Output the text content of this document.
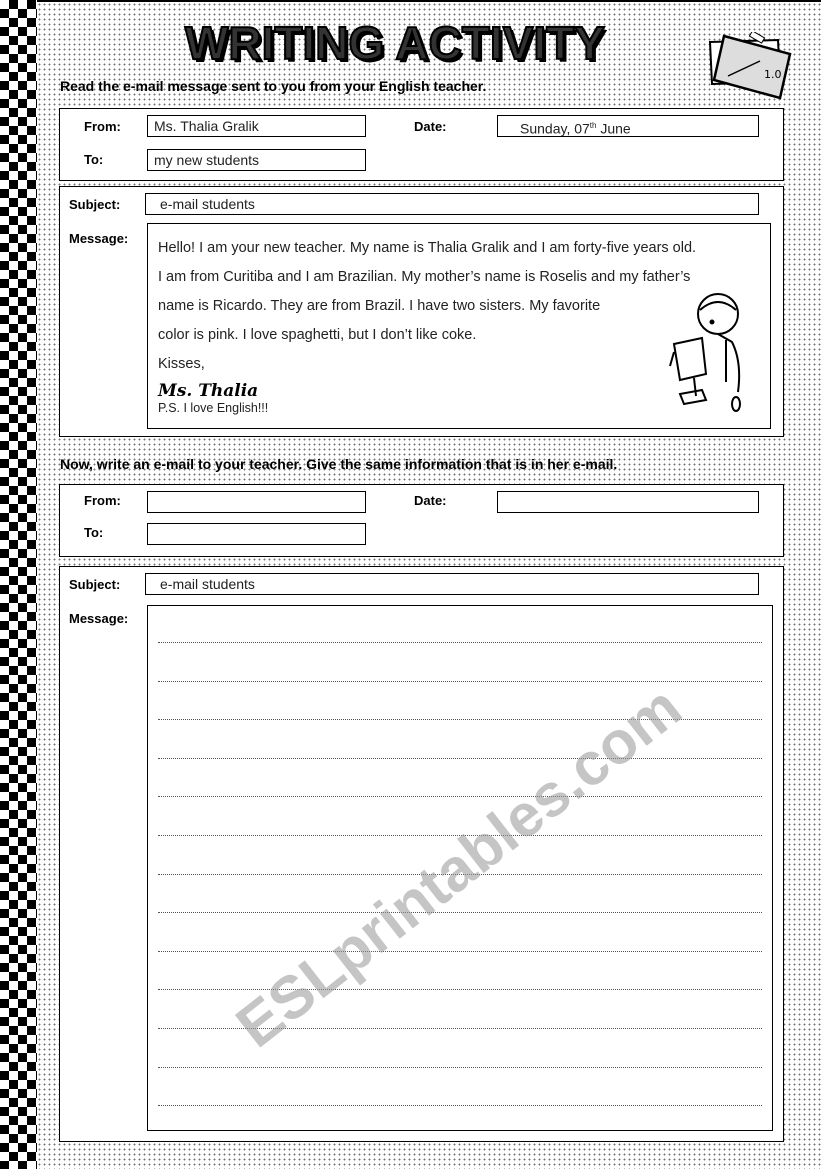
WRITING ACTIVITY
1.0
Read the e-mail message sent to you from your English teacher.
From:	Ms. Thalia Gralik	Date:	Sunday, 07th June
To:	my new students
Subject:	e-mail students
Message:

Hello! I am your new teacher. My name is Thalia Gralik and I am forty-five years old.

I am from Curitiba and I am Brazilian. My mother’s name is Roselis and my father’s

name is Ricardo. They are from Brazil. I have two sisters. My favorite

color is pink. I love spaghetti, but I don’t like coke.

Kisses,

Ms. Thalia
P.S. I love English!!!
Now, write an e-mail to your teacher. Give the same information that is in her e-mail.
From:	Date:
To:
Subject:	e-mail students
Message:
ESLprintables.com
